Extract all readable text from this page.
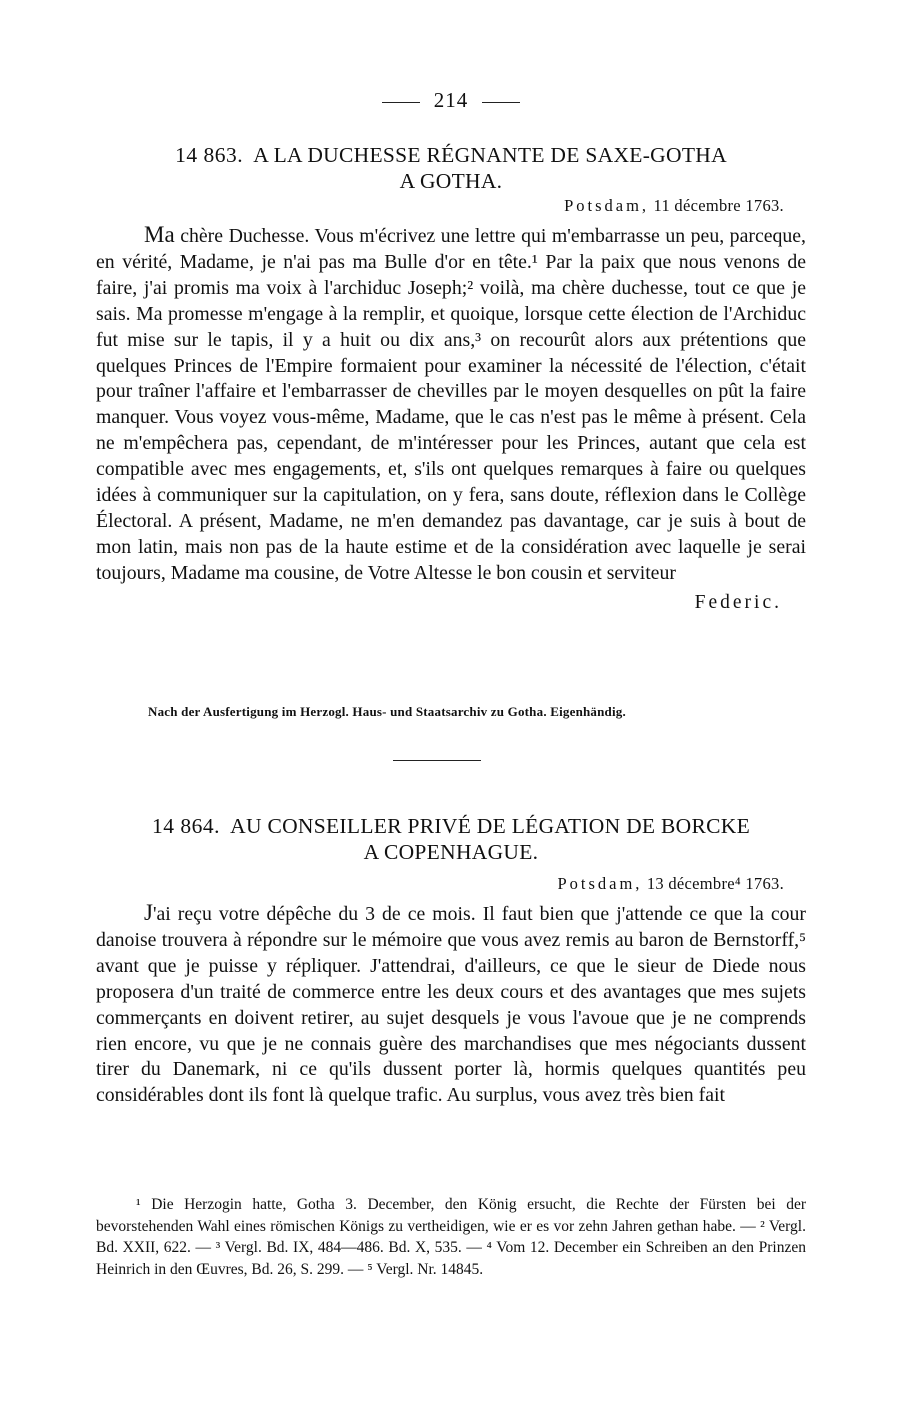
214
14 863. A LA DUCHESSE RÉGNANTE DE SAXE-GOTHA
A GOTHA.
Potsdam, 11 décembre 1763.

Ma chère Duchesse. Vous m'écrivez une lettre qui m'embarrasse un peu, parceque, en vérité, Madame, je n'ai pas ma Bulle d'or en tête.¹ Par la paix que nous venons de faire, j'ai promis ma voix à l'archiduc Joseph;² voilà, ma chère duchesse, tout ce que je sais. Ma promesse m'engage à la remplir, et quoique, lorsque cette élection de l'Archiduc fut mise sur le tapis, il y a huit ou dix ans,³ on recourût alors aux prétentions que quelques Princes de l'Empire formaient pour examiner la nécessité de l'élection, c'était pour traîner l'affaire et l'embarrasser de chevilles par le moyen desquelles on pût la faire manquer. Vous voyez vous-même, Madame, que le cas n'est pas le même à présent. Cela ne m'empêchera pas, cependant, de m'intéresser pour les Princes, autant que cela est compatible avec mes engagements, et, s'ils ont quelques remarques à faire ou quelques idées à communiquer sur la capitulation, on y fera, sans doute, réflexion dans le Collège Électoral. A présent, Madame, ne m'en demandez pas davantage, car je suis à bout de mon latin, mais non pas de la haute estime et de la considération avec laquelle je serai toujours, Madame ma cousine, de Votre Altesse le bon cousin et serviteur
Federic.

Nach der Ausfertigung im Herzogl. Haus- und Staatsarchiv zu Gotha. Eigenhändig.
14 864. AU CONSEILLER PRIVÉ DE LÉGATION DE BORCKE
A COPENHAGUE.
Potsdam, 13 décembre⁴ 1763.

J'ai reçu votre dépêche du 3 de ce mois. Il faut bien que j'attende ce que la cour danoise trouvera à répondre sur le mémoire que vous avez remis au baron de Bernstorff,⁵ avant que je puisse y répliquer. J'attendrai, d'ailleurs, ce que le sieur de Diede nous proposera d'un traité de commerce entre les deux cours et des avantages que mes sujets commerçants en doivent retirer, au sujet desquels je vous l'avoue que je ne comprends rien encore, vu que je ne connais guère des marchandises que mes négociants dussent tirer du Danemark, ni ce qu'ils dussent porter là, hormis quelques quantités peu considérables dont ils font là quelque trafic. Au surplus, vous avez très bien fait

¹ Die Herzogin hatte, Gotha 3. December, den König ersucht, die Rechte der Fürsten bei der bevorstehenden Wahl eines römischen Königs zu vertheidigen, wie er es vor zehn Jahren gethan habe. — ² Vergl. Bd. XXII, 622. — ³ Vergl. Bd. IX, 484—486. Bd. X, 535. — ⁴ Vom 12. December ein Schreiben an den Prinzen Heinrich in den Œuvres, Bd. 26, S. 299. — ⁵ Vergl. Nr. 14845.
